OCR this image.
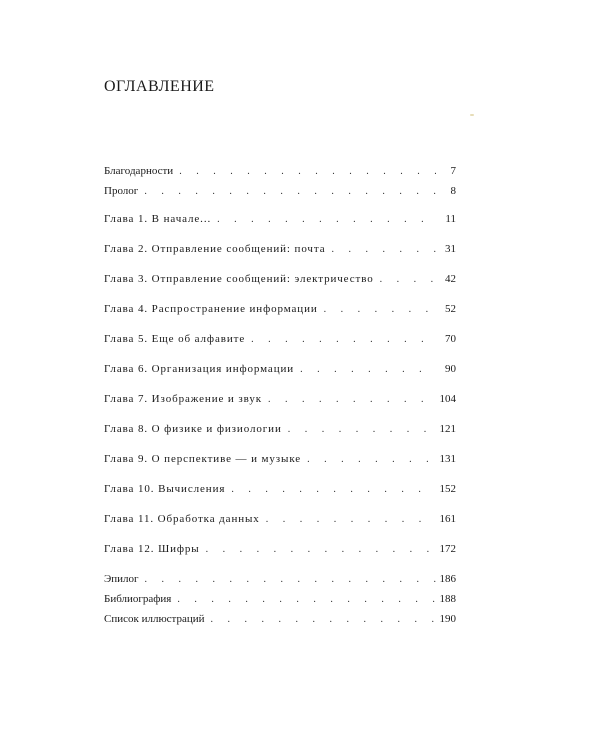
ОГЛАВЛЕНИЕ
Благодарности . . .	7
Пролог . . .	8
Глава 1. В начале... . . .	11
Глава 2. Отправление сообщений: почта . . .	31
Глава 3. Отправление сообщений: электричество . . .	42
Глава 4. Распространение информации . . .	52
Глава 5. Еще об алфавите . . .	70
Глава 6. Организация информации . . .	90
Глава 7. Изображение и звук . . .	104
Глава 8. О физике и физиологии . . .	121
Глава 9. О перспективе — и музыке . . .	131
Глава 10. Вычисления . . .	152
Глава 11. Обработка данных . . .	161
Глава 12. Шифры . . .	172
Эпилог . . .	186
Библиография . . .	188
Список иллюстраций . . .	190
